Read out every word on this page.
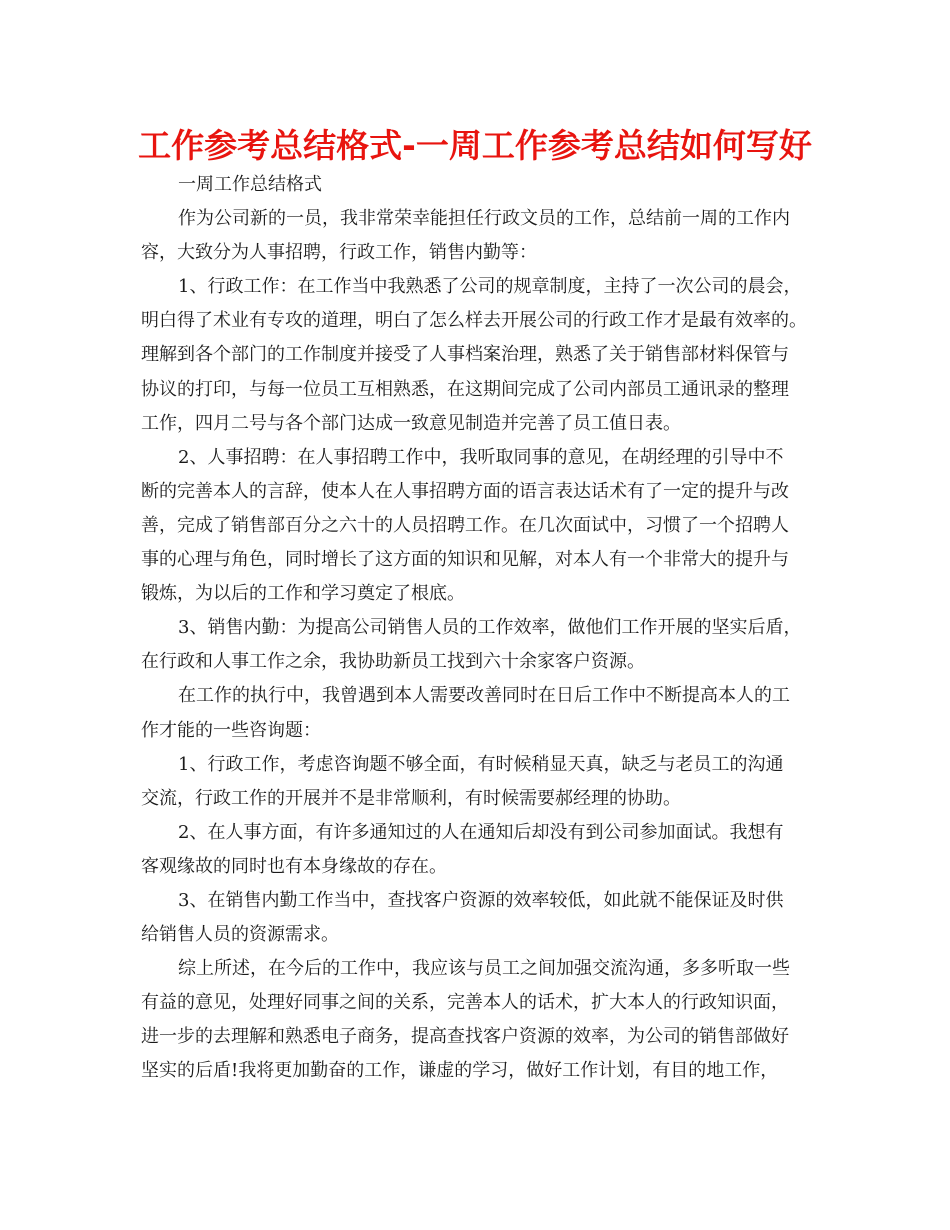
工作参考总结格式-一周工作参考总结如何写好
一周工作总结格式
作为公司新的一员，我非常荣幸能担任行政文员的工作，总结前一周的工作内
容，大致分为人事招聘，行政工作，销售内勤等：
1、行政工作：在工作当中我熟悉了公司的规章制度，主持了一次公司的晨会，
明白得了术业有专攻的道理，明白了怎么样去开展公司的行政工作才是最有效率的。
理解到各个部门的工作制度并接受了人事档案治理，熟悉了关于销售部材料保管与
协议的打印，与每一位员工互相熟悉，在这期间完成了公司内部员工通讯录的整理
工作，四月二号与各个部门达成一致意见制造并完善了员工值日表。
2、人事招聘：在人事招聘工作中，我听取同事的意见，在胡经理的引导中不
断的完善本人的言辞，使本人在人事招聘方面的语言表达话术有了一定的提升与改
善，完成了销售部百分之六十的人员招聘工作。在几次面试中，习惯了一个招聘人
事的心理与角色，同时增长了这方面的知识和见解，对本人有一个非常大的提升与
锻炼，为以后的工作和学习奠定了根底。
3、销售内勤：为提高公司销售人员的工作效率，做他们工作开展的坚实后盾，
在行政和人事工作之余，我协助新员工找到六十余家客户资源。
在工作的执行中，我曾遇到本人需要改善同时在日后工作中不断提高本人的工
作才能的一些咨询题：
1、行政工作，考虑咨询题不够全面，有时候稍显天真，缺乏与老员工的沟通
交流，行政工作的开展并不是非常顺利，有时候需要郝经理的协助。
2、在人事方面，有许多通知过的人在通知后却没有到公司参加面试。我想有
客观缘故的同时也有本身缘故的存在。
3、在销售内勤工作当中，查找客户资源的效率较低，如此就不能保证及时供
给销售人员的资源需求。
综上所述，在今后的工作中，我应该与员工之间加强交流沟通，多多听取一些
有益的意见，处理好同事之间的关系，完善本人的话术，扩大本人的行政知识面，
进一步的去理解和熟悉电子商务，提高查找客户资源的效率，为公司的销售部做好
坚实的后盾!我将更加勤奋的工作，谦虚的学习，做好工作计划，有目的地工作，
